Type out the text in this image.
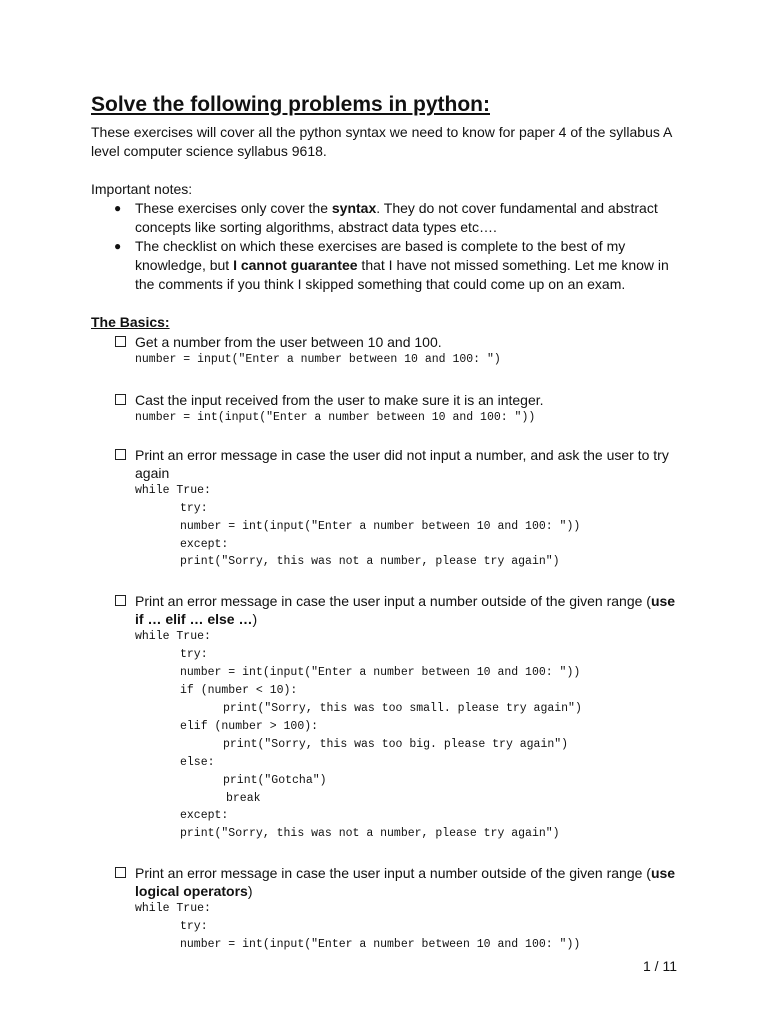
Solve the following problems in python:

These exercises will cover all the python syntax we need to know for paper 4 of the syllabus A level computer science syllabus 9618.

Important notes:

● These exercises only cover the syntax. They do not cover fundamental and abstract concepts like sorting algorithms, abstract data types etc….
● The checklist on which these exercises are based is complete to the best of my knowledge, but I cannot guarantee that I have not missed something. Let me know in the comments if you think I skipped something that could come up on an exam.
The Basics:
Get a number from the user between 10 and 100.
number = input("Enter a number between 10 and 100: ")
Cast the input received from the user to make sure it is an integer.
number = int(input("Enter a number between 10 and 100: "))
Print an error message in case the user did not input a number, and ask the user to try again
while True:
try:
number = int(input("Enter a number between 10 and 100: "))
except:
print("Sorry, this was not a number, please try again")
Print an error message in case the user input a number outside of the given range (use if … elif … else …)
while True:
try:
number = int(input("Enter a number between 10 and 100: "))
if (number < 10):
print("Sorry, this was too small. please try again")
elif (number > 100):
print("Sorry, this was too big. please try again")
else:
print("Gotcha")
break
except:
print("Sorry, this was not a number, please try again")
Print an error message in case the user input a number outside of the given range (use logical operators)
while True:
try:
number = int(input("Enter a number between 10 and 100: "))
1 / 11
